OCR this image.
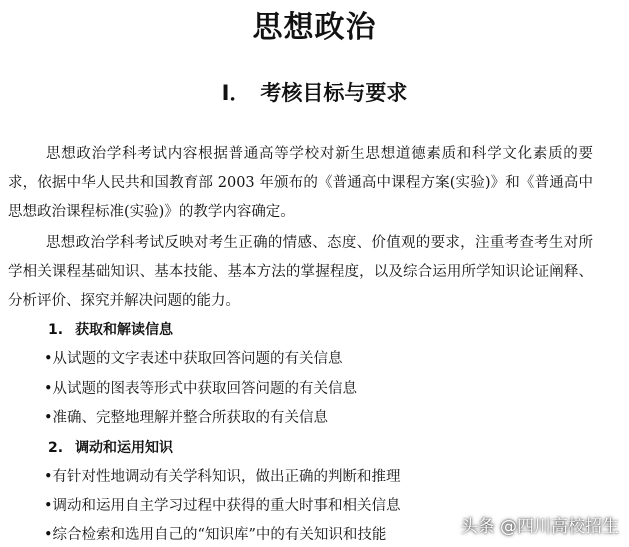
思想政治
I． 考核目标与要求

思想政治学科考试内容根据普通高等学校对新生思想道德素质和科学文化素质的要求，依据中华人民共和国教育部 2003 年颁布的《普通高中课程方案(实验)》和《普通高中思想政治课程标准(实验)》的教学内容确定。

思想政治学科考试反映对考生正确的情感、态度、价值观的要求，注重考查考生对所学相关课程基础知识、基本技能、基本方法的掌握程度，以及综合运用所学知识论证阐释、分析评价、探究并解决问题的能力。

1. 获取和解读信息
•从试题的文字表述中获取回答问题的有关信息
•从试题的图表等形式中获取回答问题的有关信息
•准确、完整地理解并整合所获取的有关信息
2. 调动和运用知识
•有针对性地调动有关学科知识，做出正确的判断和推理
•调动和运用自主学习过程中获得的重大时事和相关信息
•综合检索和选用自己的“知识库”中的有关知识和技能	头条 @四川高校招生
